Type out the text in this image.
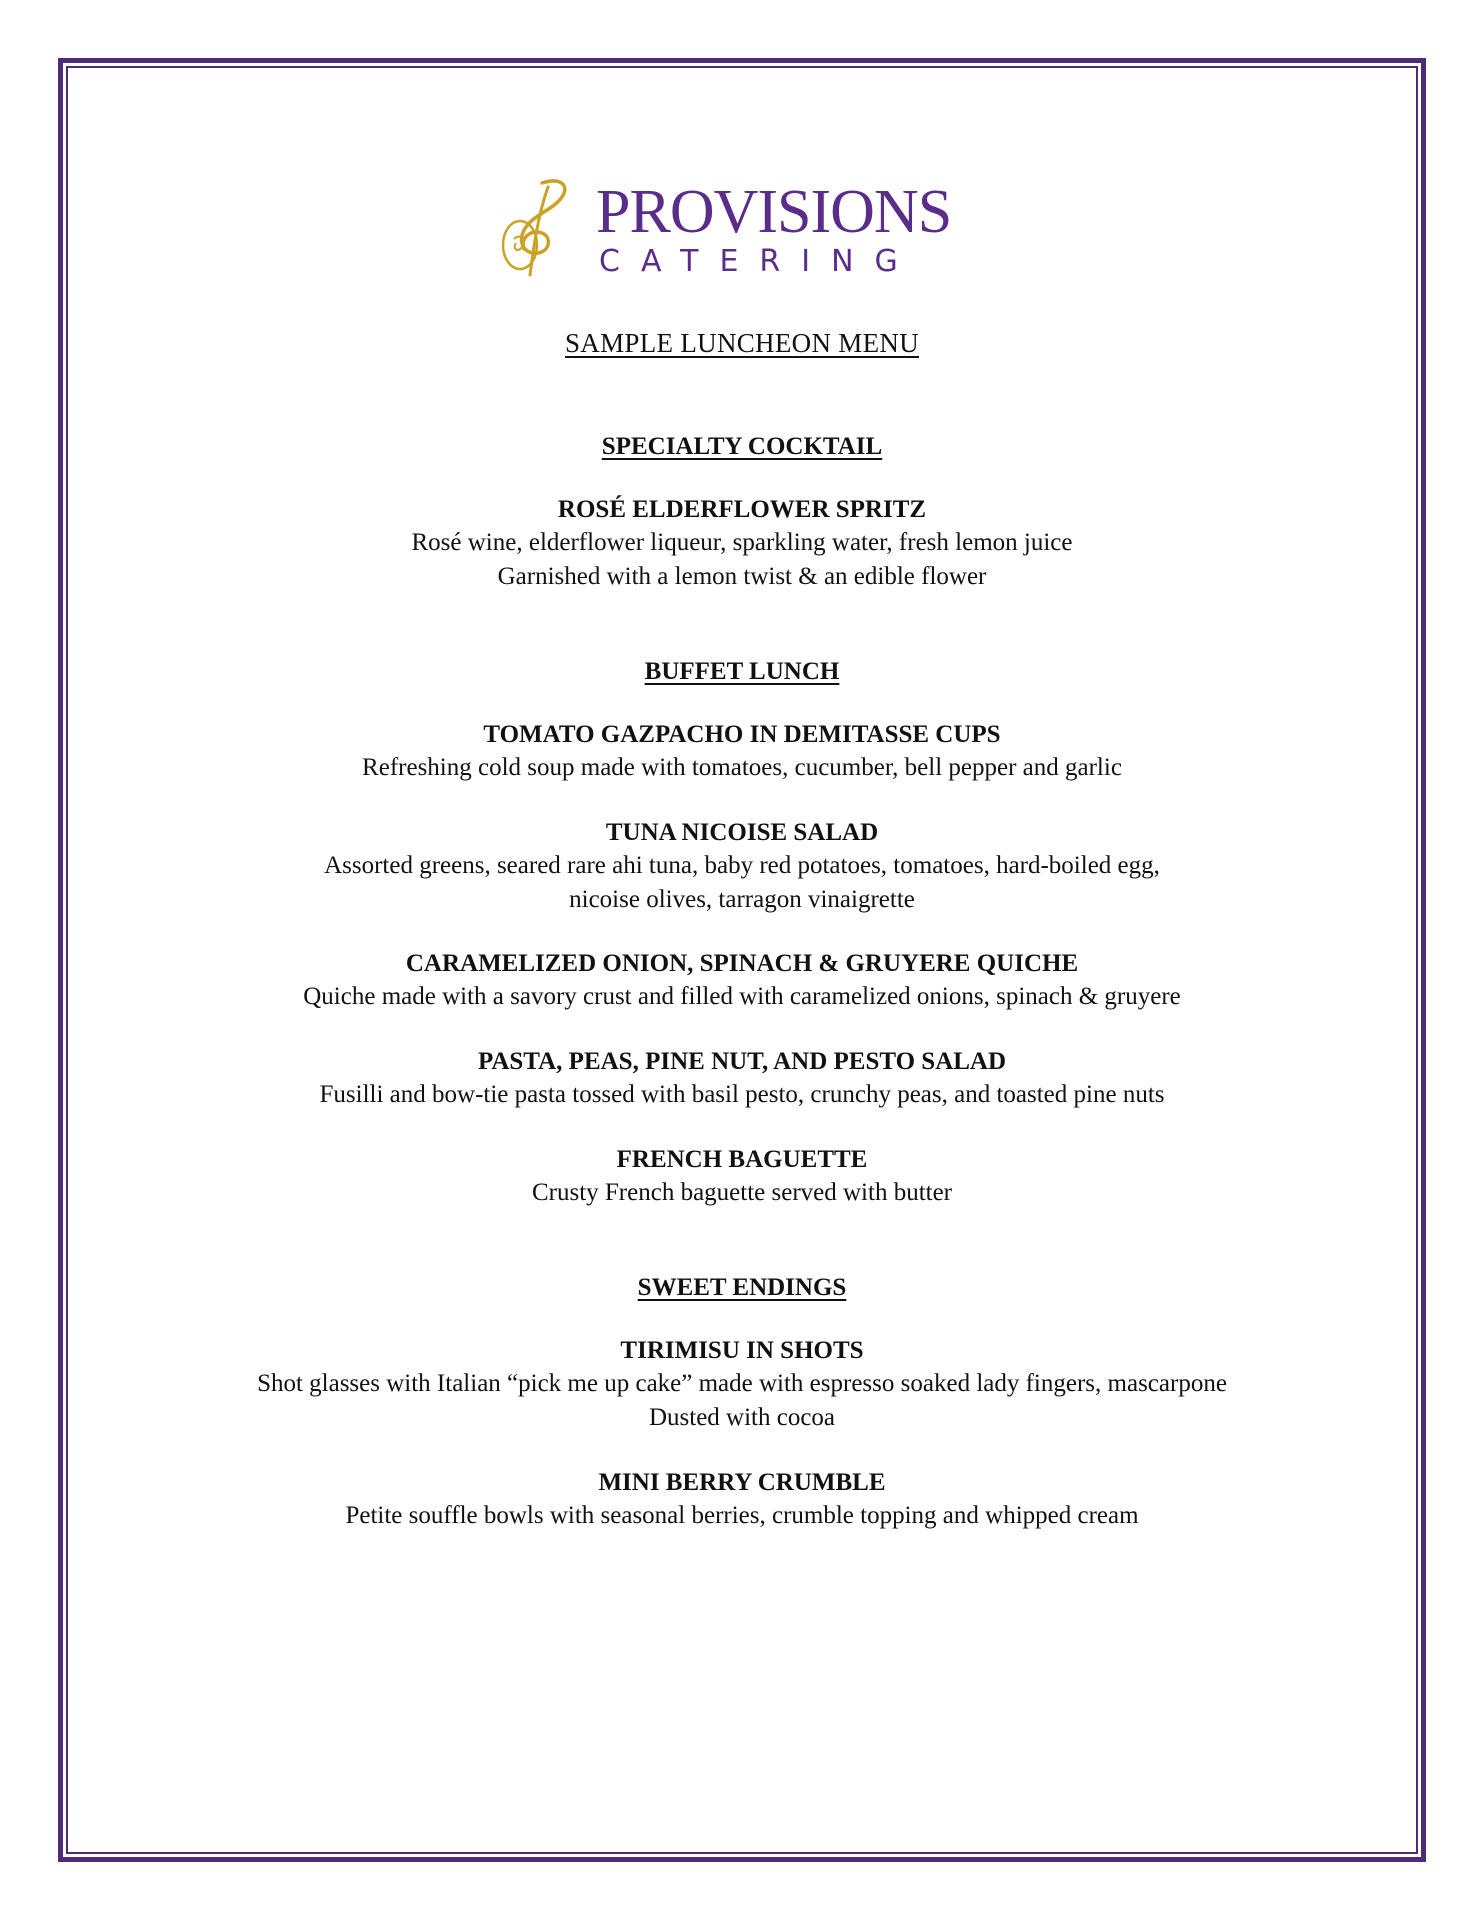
PROVISIONS
CATERING
SAMPLE LUNCHEON MENU

SPECIALTY COCKTAIL

ROSÉ ELDERFLOWER SPRITZ

Rosé wine, elderflower liqueur, sparkling water, fresh lemon juice

Garnished with a lemon twist & an edible flower

BUFFET LUNCH

TOMATO GAZPACHO IN DEMITASSE CUPS

Refreshing cold soup made with tomatoes, cucumber, bell pepper and garlic

TUNA NICOISE SALAD

Assorted greens, seared rare ahi tuna, baby red potatoes, tomatoes, hard-boiled egg,

nicoise olives, tarragon vinaigrette

CARAMELIZED ONION, SPINACH & GRUYERE QUICHE

Quiche made with a savory crust and filled with caramelized onions, spinach & gruyere

PASTA, PEAS, PINE NUT, AND PESTO SALAD

Fusilli and bow-tie pasta tossed with basil pesto, crunchy peas, and toasted pine nuts

FRENCH BAGUETTE

Crusty French baguette served with butter

SWEET ENDINGS

TIRIMISU IN SHOTS

Shot glasses with Italian “pick me up cake” made with espresso soaked lady fingers, mascarpone

Dusted with cocoa

MINI BERRY CRUMBLE

Petite souffle bowls with seasonal berries, crumble topping and whipped cream
